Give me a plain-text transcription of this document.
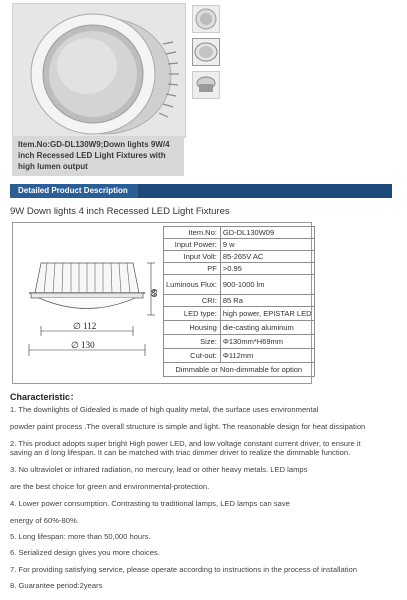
Item.No:GD-DL130W9;Down lights 9W/4 inch Recessed LED Light Fixtures with high lumen output
Detailed Product Description
9W Down lights 4 inch Recessed LED Light Fixtures
69
∅ 112
∅ 130
Item.No:	GD-DL130W09
Input Power:	9 w
Input Volt:	85-265V AC
PF	>0.95
Luminous Flux:	900-1000 lm
CRI:	85 Ra
LED type:	high power, EPISTAR LED
Housing	die-casting aluminum
Size:	Φ130mm*H69mm
Cut-out:	Φ112mm
Dimmable or Non-dimmable for option	
Characteristic：
1. The downlights of Gidealed is made of high quality metal, the surface uses environmental
powder paint process .The overall structure is simple and light. The reasonable design for heat dissipation
2. This product adopts super bright High power LED, and low voltage constant current driver, to ensure it
saving an d long lifespan. It can be matched with triac dimmer driver to realize the dimmable function.
3. No ultraviolet or infrared radiation, no mercury, lead or other heavy metals. LED lamps
are the best choice for green and environmental-protection.
4. Lower power consumption. Contrasting to traditional lamps, LED lamps can save
energy of 60%-80%.
5. Long lifespan: more than 50,000 hours.
6. Serialized design gives you more choices.
7. For providing satisfying service, please operate according to instructions in the process of installation
8. Guarantee period:2years
